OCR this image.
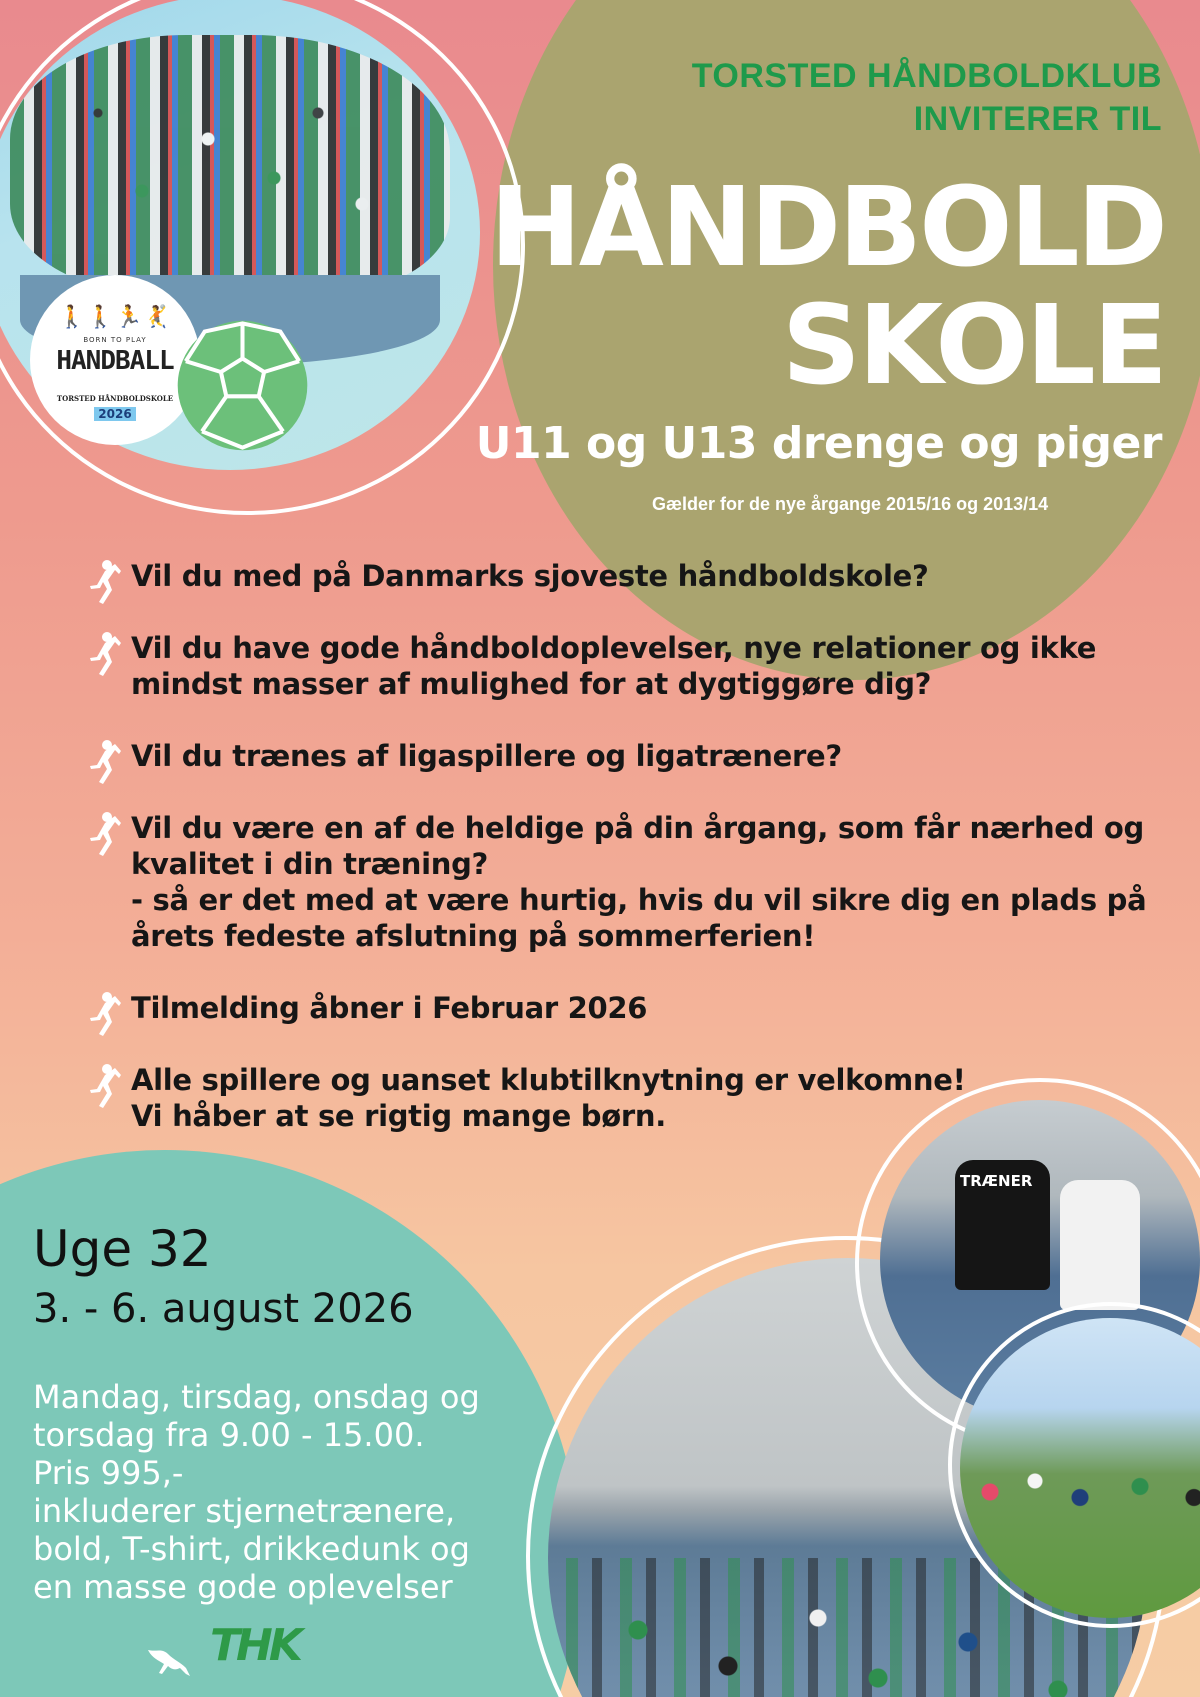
🚶🚶🏃🤾
BORN TO PLAY
HANDBALL
TORSTED HÅNDBOLDSKOLE
2026
TORSTED HÅNDBOLDKLUB
INVITERER TIL
HÅNDBOLD
SKOLE
U11 og U13 drenge og piger
Gælder for de nye årgange 2015/16 og 2013/14
Vil du med på Danmarks sjoveste håndboldskole?
Vil du have gode håndboldoplevelser, nye relationer og ikke
mindst masser af mulighed for at dygtiggøre dig?
Vil du trænes af ligaspillere og ligatrænere?
Vil du være en af de heldige på din årgang, som får nærhed og
kvalitet i din træning?
- så er det med at være hurtig, hvis du vil sikre dig en plads på
årets fedeste afslutning på sommerferien!
Tilmelding åbner i Februar 2026
Alle spillere og uanset klubtilknytning er velkomne!
Vi håber at se rigtig mange børn.
Uge 32
3. - 6. august 2026
Mandag, tirsdag, onsdag og
torsdag fra 9.00 - 15.00.
Pris 995,-
inkluderer stjernetrænere,
bold, T-shirt, drikkedunk og
en masse gode oplevelser
THK
TRÆNER
